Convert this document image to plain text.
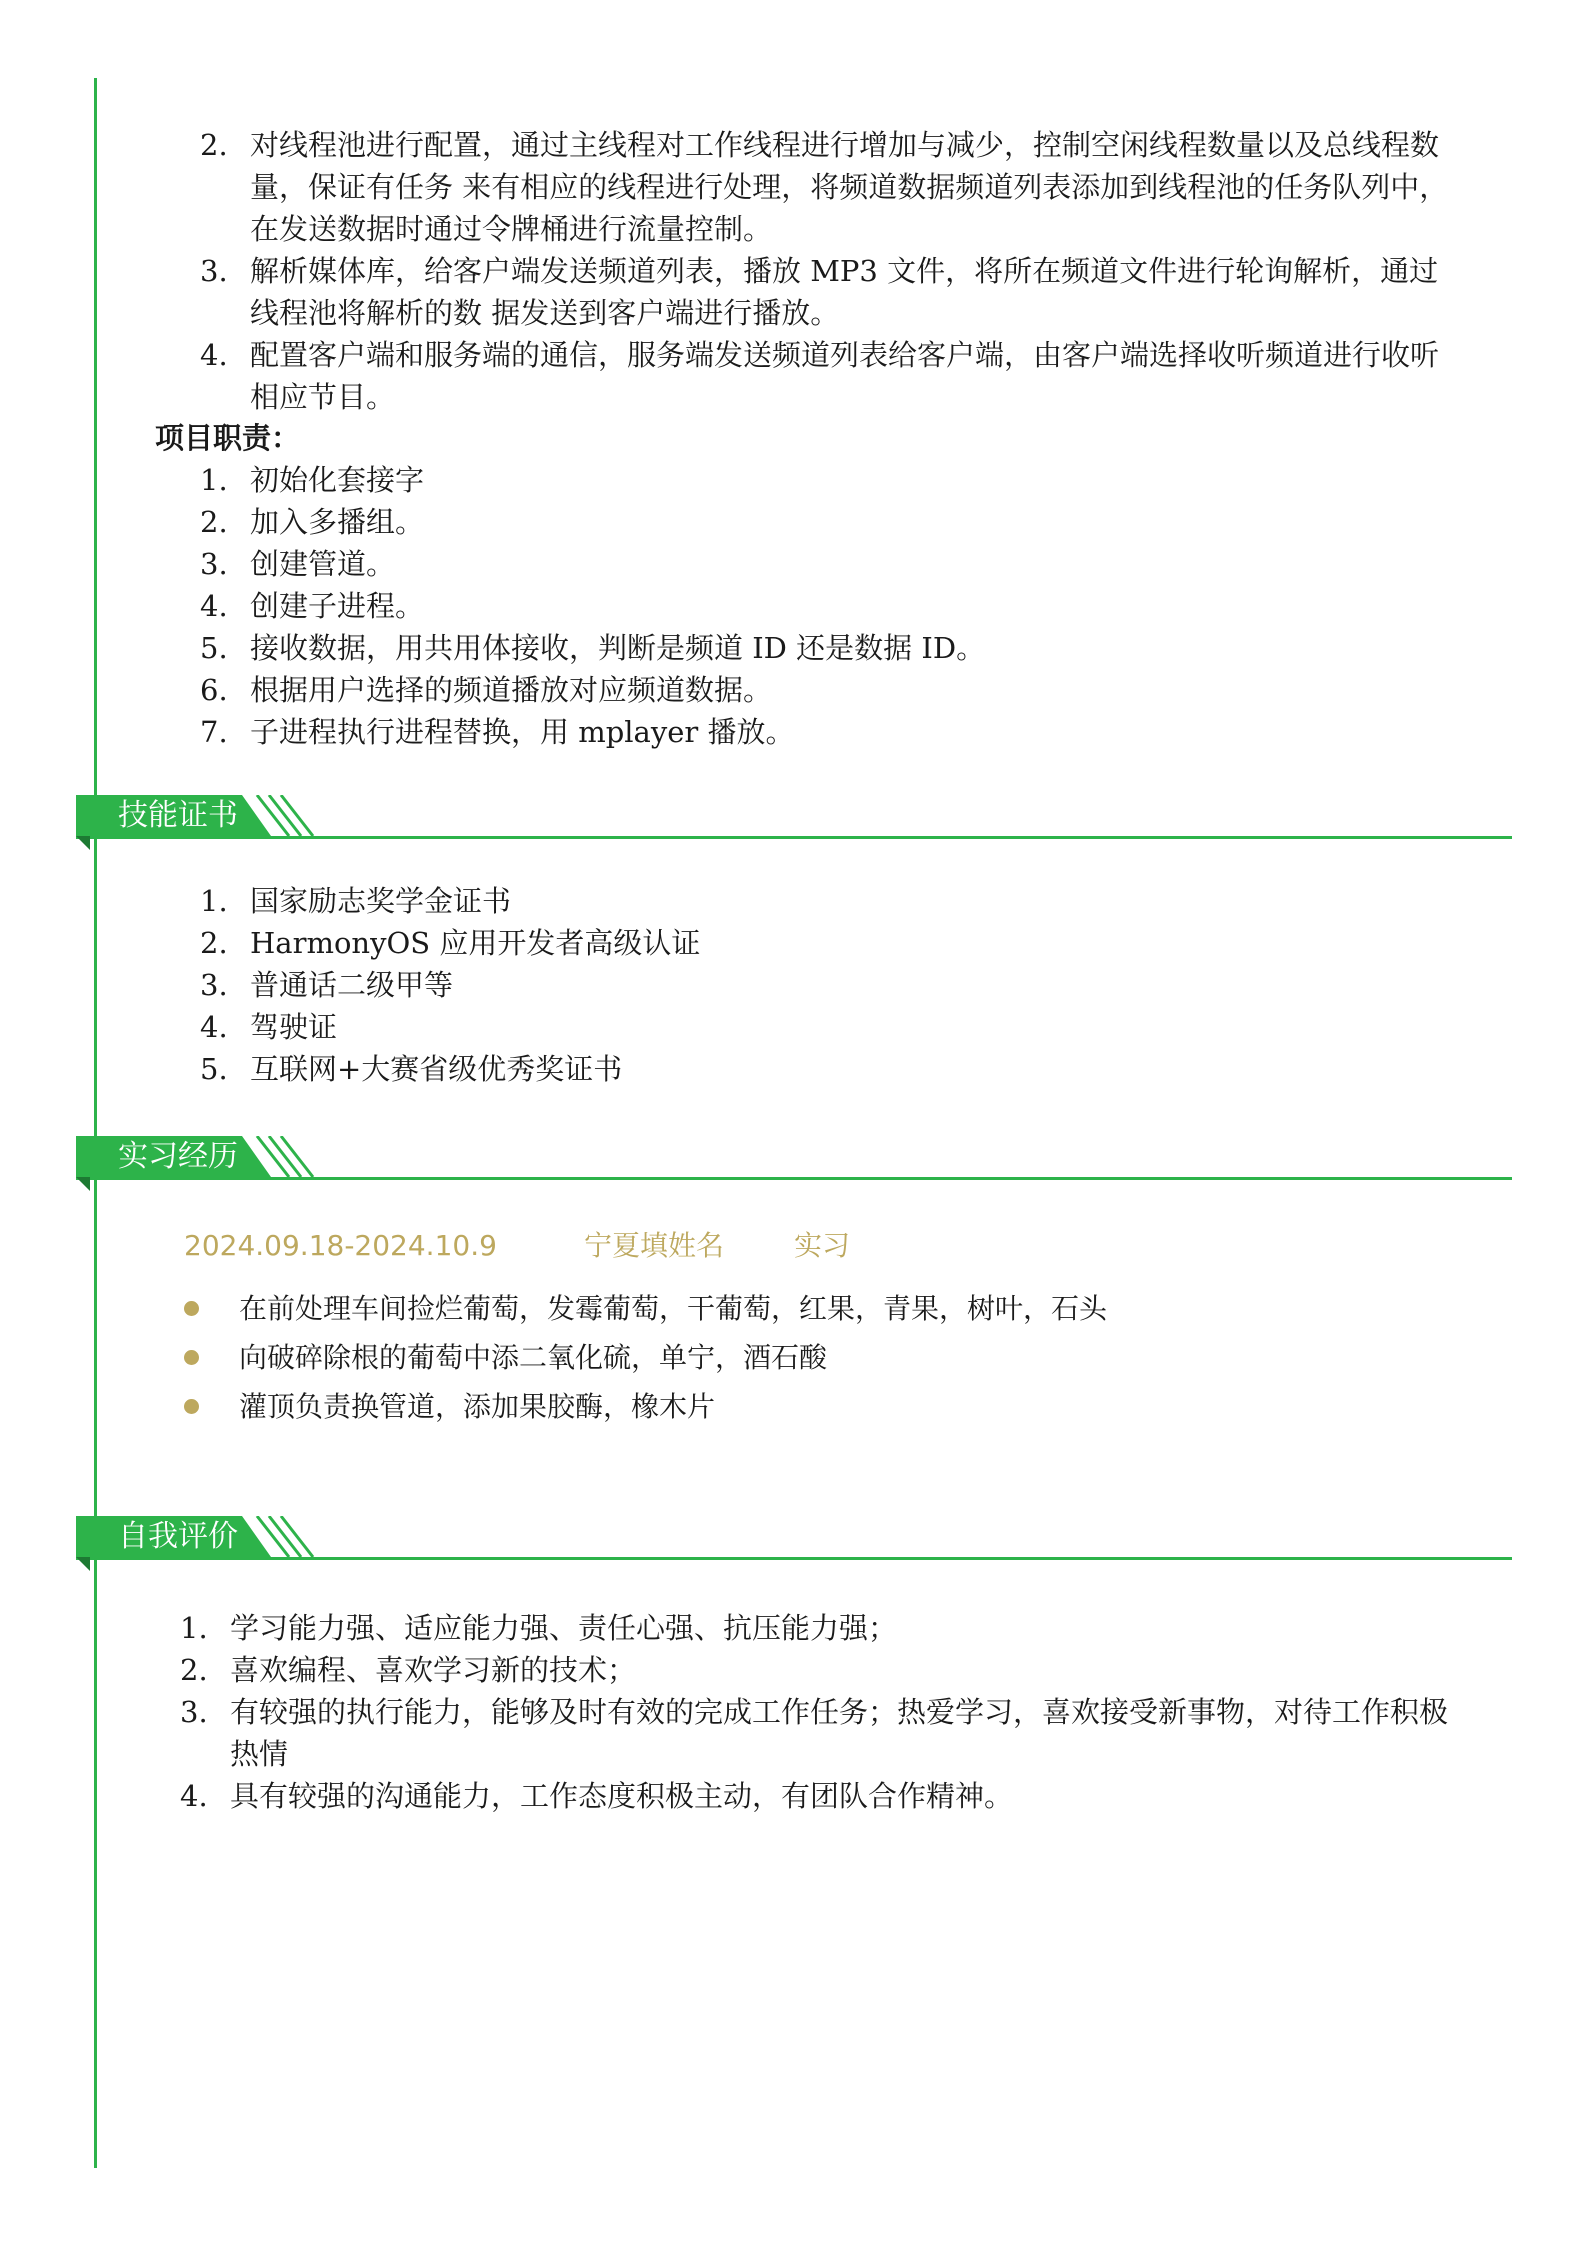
2. 对线程池进行配置，通过主线程对工作线程进行增加与减少，控制空闲线程数量以及总线程数量，保证有任务 来有相应的线程进行处理，将频道数据频道列表添加到线程池的任务队列中，在发送数据时通过令牌桶进行流量控制。
3. 解析媒体库，给客户端发送频道列表，播放 MP3 文件，将所在频道文件进行轮询解析，通过线程池将解析的数 据发送到客户端进行播放。
4. 配置客户端和服务端的通信，服务端发送频道列表给客户端，由客户端选择收听频道进行收听相应节目。
项目职责：
1. 初始化套接字
2. 加入多播组。
3. 创建管道。
4. 创建子进程。
5. 接收数据，用共用体接收，判断是频道 ID 还是数据 ID。
6. 根据用户选择的频道播放对应频道数据。
7. 子进程执行进程替换，用 mplayer 播放。
技能证书
1. 国家励志奖学金证书
2. HarmonyOS 应用开发者高级认证
3. 普通话二级甲等
4. 驾驶证
5. 互联网+大赛省级优秀奖证书
实习经历
2024.09.18-2024.10.9	宁夏填姓名 实习
在前处理车间捡烂葡萄，发霉葡萄，干葡萄，红果，青果，树叶，石头
向破碎除根的葡萄中添二氧化硫，单宁，酒石酸
灌顶负责换管道，添加果胶酶，橡木片
自我评价
1. 学习能力强、适应能力强、责任心强、抗压能力强；
2. 喜欢编程、喜欢学习新的技术；
3. 有较强的执行能力，能够及时有效的完成工作任务；热爱学习，喜欢接受新事物，对待工作积极热情
4. 具有较强的沟通能力，工作态度积极主动，有团队合作精神。
